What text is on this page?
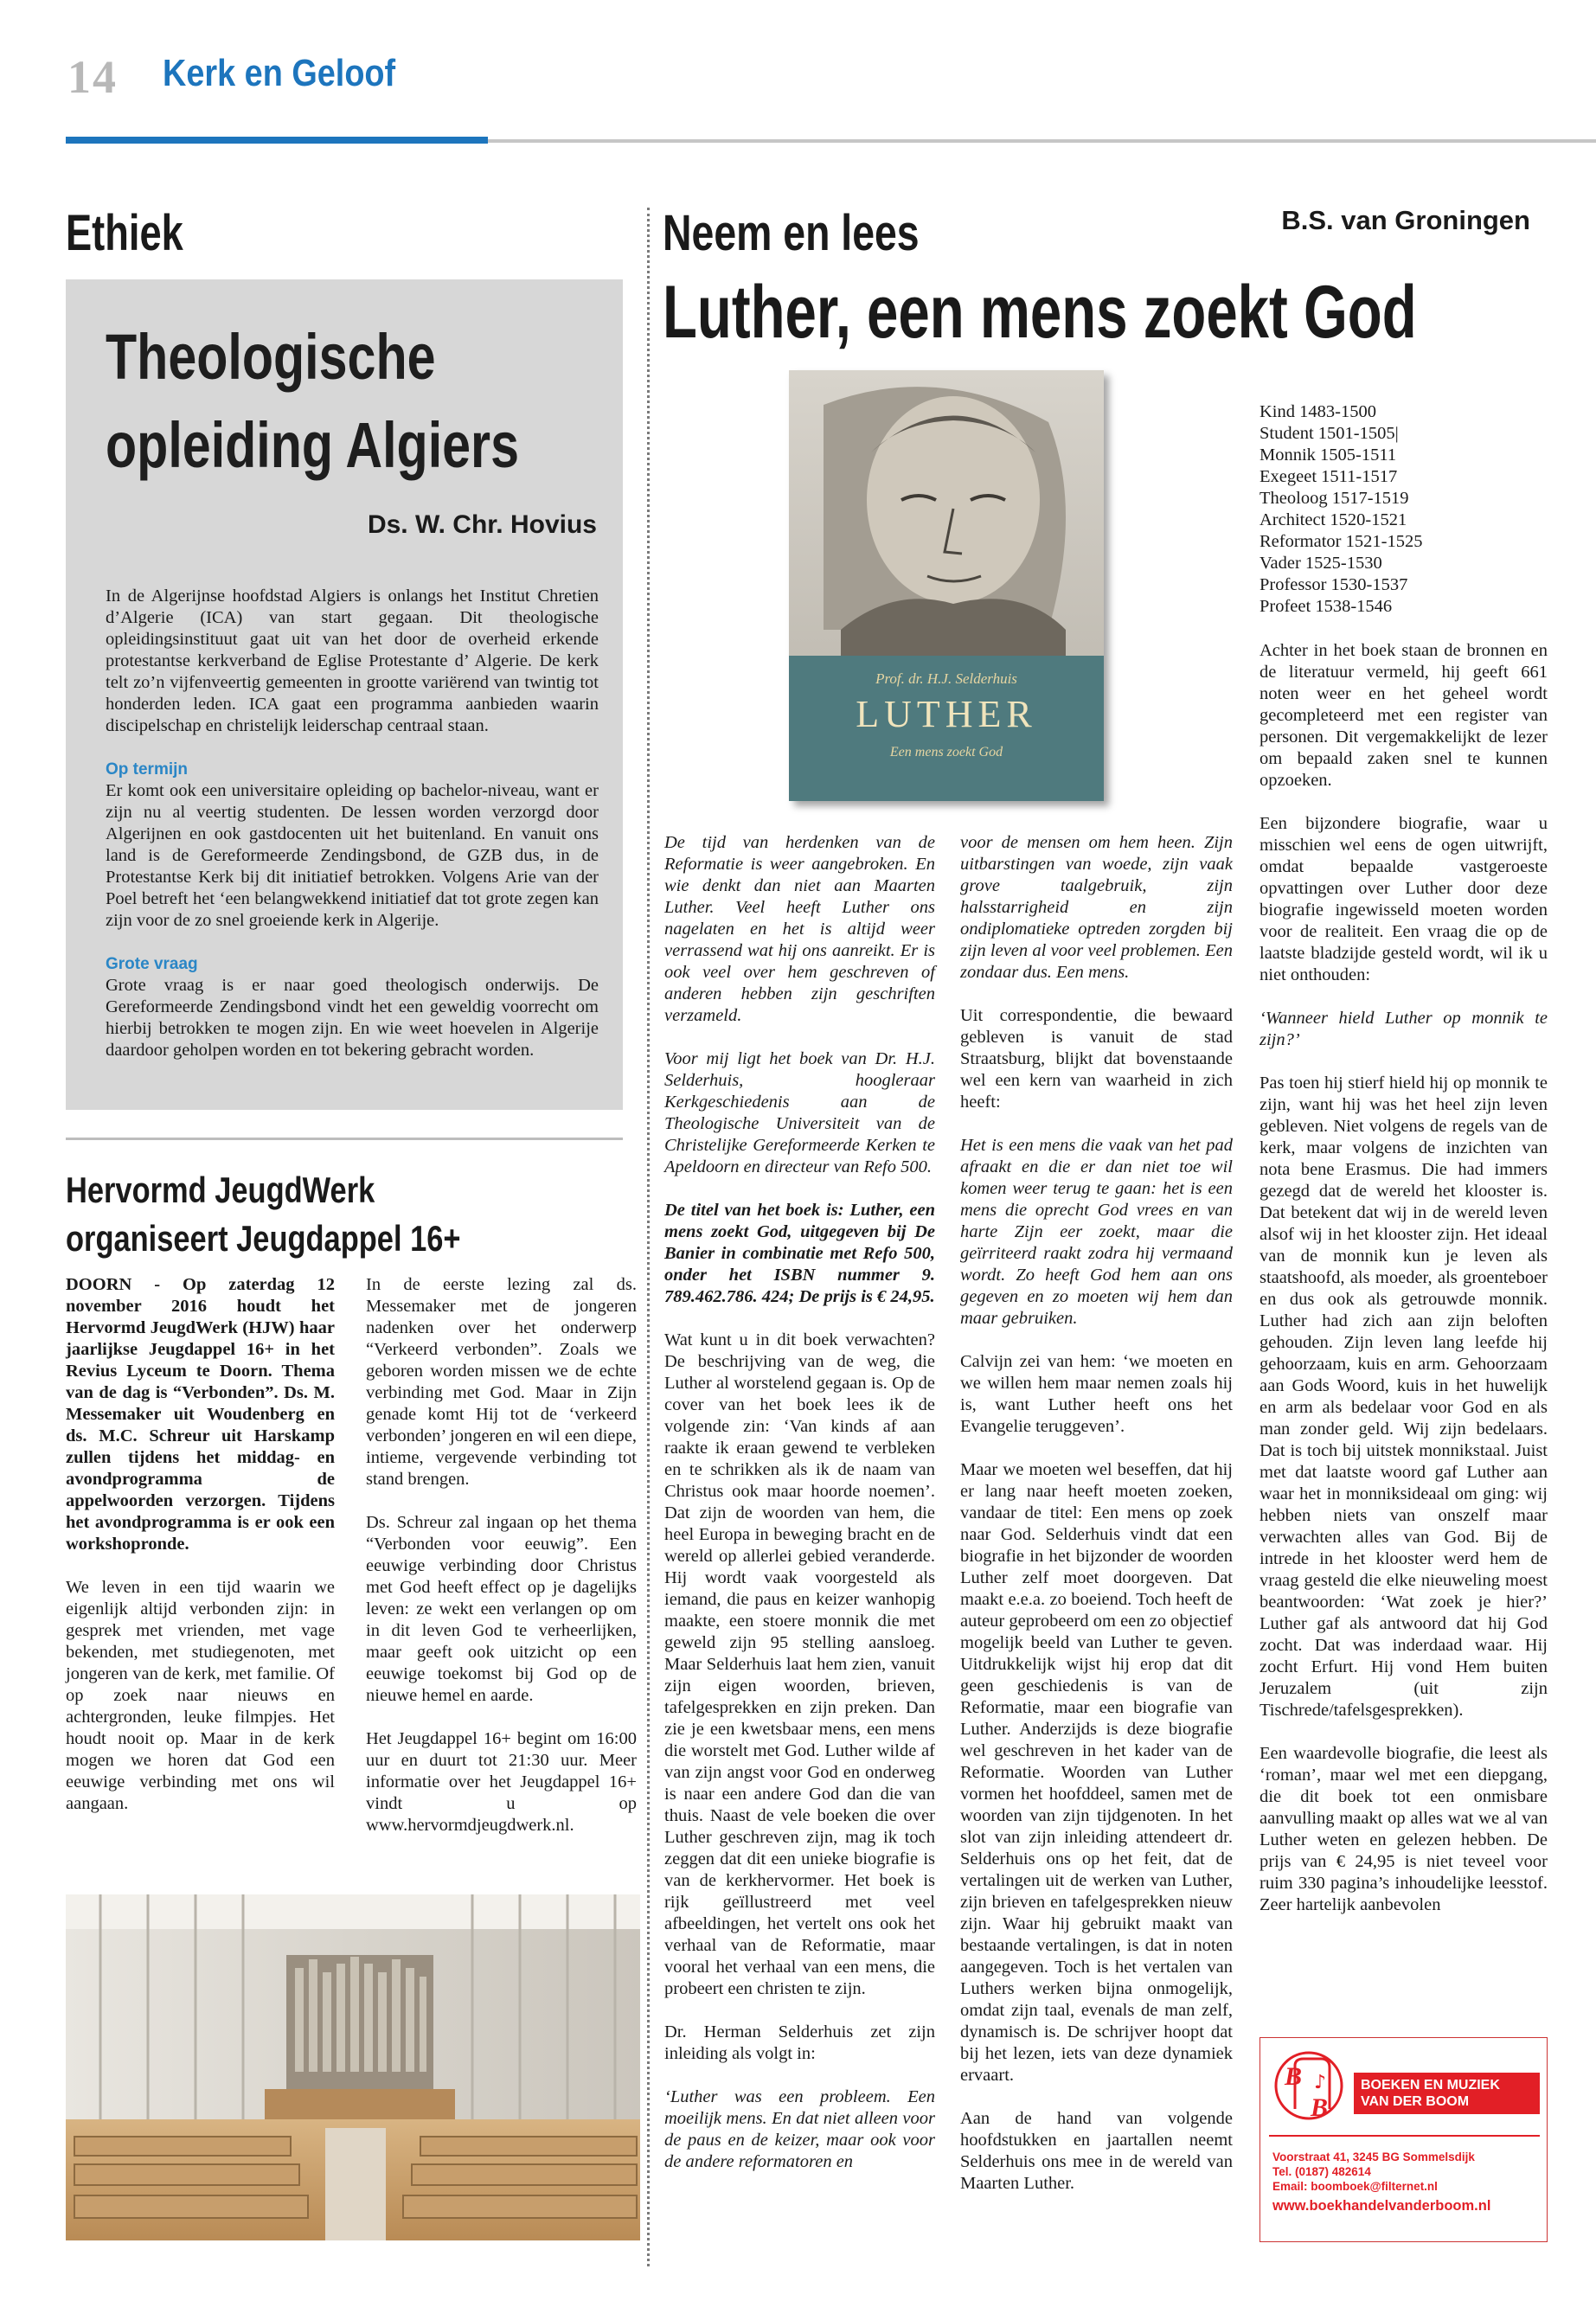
14 Kerk en Geloof
Ethiek
Theologische
opleiding Algiers
Ds. W. Chr. Hovius

In de Algerijnse hoofdstad Algiers is onlangs het Institut Chretien d’Algerie (ICA) van start gegaan. Dit theologische opleidingsinstituut gaat uit van het door de overheid erkende protestantse kerkverband de Eglise Protestante d’ Algerie. De kerk telt zo’n vijfenveertig gemeenten in grootte variërend van twintig tot honderden leden. ICA gaat een programma aanbieden waarin discipelschap en christelijk leiderschap centraal staan.

Op termijn

Er komt ook een universitaire opleiding op bachelor-niveau, want er zijn nu al veertig studenten. De lessen worden verzorgd door Algerijnen en ook gastdocenten uit het buitenland. En vanuit ons land is de Gereformeerde Zendingsbond, de GZB dus, in de Protestantse Kerk bij dit initiatief betrokken. Volgens Arie van der Poel betreft het ‘een belangwekkend initiatief dat tot grote zegen kan zijn voor de zo snel groeiende kerk in Algerije.

Grote vraag

Grote vraag is er naar goed theologisch onderwijs. De Gereformeerde Zendingsbond vindt het een geweldig voorrecht om hierbij betrokken te mogen zijn. En wie weet hoevelen in Algerije daardoor geholpen worden en tot bekering gebracht worden.

Hervormd JeugdWerk
organiseert Jeugdappel 16+

DOORN - Op zaterdag 12 november 2016 houdt het Hervormd JeugdWerk (HJW) haar jaarlijkse Jeugdappel 16+ in het Revius Lyceum te Doorn. Thema van de dag is “Verbonden”. Ds. M. Messemaker uit Woudenberg en ds. M.C. Schreur uit Harskamp zullen tijdens het middag- en avondprogramma de appelwoorden verzorgen. Tijdens het avondprogramma is er ook een workshopronde.

We leven in een tijd waarin we eigenlijk altijd verbonden zijn: in gesprek met vrienden, met vage bekenden, met studiegenoten, met jongeren van de kerk, met familie. Of op zoek naar nieuws en achtergronden, leuke filmpjes. Het houdt nooit op. Maar in de kerk mogen we horen dat God een eeuwige verbinding met ons wil aangaan.

In de eerste lezing zal ds. Messemaker met de jongeren nadenken over het onderwerp “Verkeerd verbonden”. Zoals we geboren worden missen we de echte verbinding met God. Maar in Zijn genade komt Hij tot de ‘verkeerd verbonden’ jongeren en wil een diepe, intieme, vergevende verbinding tot stand brengen.

Ds. Schreur zal ingaan op het thema “Verbonden voor eeuwig”. Een eeuwige verbinding door Christus met God heeft effect op je dagelijks leven: ze wekt een verlangen op om in dit leven God te verheerlijken, maar geeft ook uitzicht op een eeuwige toekomst bij God op de nieuwe hemel en aarde.

Het Jeugdappel 16+ begint om 16:00 uur en duurt tot 21:30 uur. Meer informatie over het Jeugdappel 16+ vindt u op www.hervormdjeugdwerk.nl.

Neem en lees	B.S. van Groningen
Luther, een mens zoekt God
Prof. dr. H.J. Selderhuis
LUTHER
Een mens zoekt God
Kind 1483-1500
Student 1501-1505|
Monnik 1505-1511
Exegeet 1511-1517
Theoloog 1517-1519
Architect 1520-1521
Reformator 1521-1525
Vader 1525-1530
Professor 1530-1537
Profeet 1538-1546

Achter in het boek staan de bronnen en de literatuur vermeld, hij geeft 661 noten weer en het geheel wordt gecompleteerd met een register van personen. Dit vergemakkelijkt de lezer om bepaald zaken snel te kunnen opzoeken.

Een bijzondere biografie, waar u misschien wel eens de ogen uitwrijft, omdat bepaalde vastgeroeste opvattingen over Luther door deze biografie ingewisseld moeten worden voor de realiteit. Een vraag die op de laatste bladzijde gesteld wordt, wil ik u niet onthouden:

‘Wanneer hield Luther op monnik te zijn?’

Pas toen hij stierf hield hij op monnik te zijn, want hij was het heel zijn leven gebleven. Niet volgens de regels van de kerk, maar volgens de inzichten van nota bene Erasmus. Die had immers gezegd dat de wereld het klooster is. Dat betekent dat wij in de wereld leven alsof wij in het klooster zijn. Het ideaal van de monnik kun je leven als staatshoofd, als moeder, als groenteboer en dus ook als getrouwde monnik. Luther had zich aan zijn beloften gehouden. Zijn leven lang leefde hij gehoorzaam, kuis en arm. Gehoorzaam aan Gods Woord, kuis in het huwelijk en arm als bedelaar voor God en als man zonder geld. Wij zijn bedelaars. Dat is toch bij uitstek monnikstaal. Juist met dat laatste woord gaf Luther aan waar het in monniksideaal om ging: wij hebben niets van onszelf maar verwachten alles van God. Bij de intrede in het klooster werd hem de vraag gesteld die elke nieuweling moest beantwoorden: ‘Wat zoek je hier?’ Luther gaf als antwoord dat hij God zocht. Dat was inderdaad waar. Hij zocht Erfurt. Hij vond Hem buiten Jeruzalem (uit zijn Tischrede/tafelsgesprekken).

Een waardevolle biografie, die leest als ‘roman’, maar wel met een diepgang, die dit boek tot een onmisbare aanvulling maakt op alles wat we al van Luther weten en gelezen hebben. De prijs van € 24,95 is niet teveel voor ruim 330 pagina’s inhoudelijke leesstof. Zeer hartelijk aanbevolen

De tijd van herdenken van de Reformatie is weer aangebroken. En wie denkt dan niet aan Maarten Luther. Veel heeft Luther ons nagelaten en het is altijd weer verrassend wat hij ons aanreikt. Er is ook veel over hem geschreven of anderen hebben zijn geschriften verzameld.

Voor mij ligt het boek van Dr. H.J. Selderhuis, hoogleraar Kerkgeschiedenis aan de Theologische Universiteit van de Christelijke Gereformeerde Kerken te Apeldoorn en directeur van Refo 500.

De titel van het boek is: Luther, een mens zoekt God, uitgegeven bij De Banier in combinatie met Refo 500, onder het ISBN nummer 9. 789.462.786. 424; De prijs is € 24,95.

Wat kunt u in dit boek verwachten? De beschrijving van de weg, die Luther al worstelend gegaan is. Op de cover van het boek lees ik de volgende zin: ‘Van kinds af aan raakte ik eraan gewend te verbleken en te schrikken als ik de naam van Christus ook maar hoorde noemen’. Dat zijn de woorden van hem, die heel Europa in beweging bracht en de wereld op allerlei gebied veranderde. Hij wordt vaak voorgesteld als iemand, die paus en keizer wanhopig maakte, een stoere monnik die met geweld zijn 95 stelling aansloeg. Maar Selderhuis laat hem zien, vanuit zijn eigen woorden, brieven, tafelgesprekken en zijn preken. Dan zie je een kwetsbaar mens, een mens die worstelt met God. Luther wilde af van zijn angst voor God en onderweg is naar een andere God dan die van thuis. Naast de vele boeken die over Luther geschreven zijn, mag ik toch zeggen dat dit een unieke biografie is van de kerkhervormer. Het boek is rijk geïllustreerd met veel afbeeldingen, het vertelt ons ook het verhaal van de Reformatie, maar vooral het verhaal van een mens, die probeert een christen te zijn.

Dr. Herman Selderhuis zet zijn inleiding als volgt in:

‘Luther was een probleem. Een moeilijk mens. En dat niet alleen voor de paus en de keizer, maar ook voor de andere reformatoren en

voor de mensen om hem heen. Zijn uitbarstingen van woede, zijn vaak grove taalgebruik, zijn halsstarrigheid en zijn ondiplomatieke optreden zorgden bij zijn leven al voor veel problemen. Een zondaar dus. Een mens.

Uit correspondentie, die bewaard gebleven is vanuit de stad Straatsburg, blijkt dat bovenstaande wel een kern van waarheid in zich heeft:

Het is een mens die vaak van het pad afraakt en die er dan niet toe wil komen weer terug te gaan: het is een mens die oprecht God vrees en van harte Zijn eer zoekt, maar die geïrriteerd raakt zodra hij vermaand wordt. Zo heeft God hem aan ons gegeven en zo moeten wij hem dan maar gebruiken.

Calvijn zei van hem: ‘we moeten en we willen hem maar nemen zoals hij is, want Luther heeft ons het Evangelie teruggeven’.

Maar we moeten wel beseffen, dat hij er lang naar heeft moeten zoeken, vandaar de titel: Een mens op zoek naar God. Selderhuis vindt dat een biografie in het bijzonder de woorden Luther zelf moet doorgeven. Dat maakt e.e.a. zo boeiend. Toch heeft de auteur geprobeerd om een zo objectief mogelijk beeld van Luther te geven. Uitdrukkelijk wijst hij erop dat dit geen geschiedenis is van de Reformatie, maar een biografie van Luther. Anderzijds is deze biografie wel geschreven in het kader van de Reformatie. Woorden van Luther vormen het hoofddeel, samen met de woorden van zijn tijdgenoten. In het slot van zijn inleiding attendeert dr. Selderhuis ons op het feit, dat de vertalingen uit de werken van Luther, zijn brieven en tafelgesprekken nieuw zijn. Waar hij gebruikt maakt van bestaande vertalingen, is dat in noten aangegeven. Toch is het vertalen van Luthers werken bijna onmogelijk, omdat zijn taal, evenals de man zelf, dynamisch is. De schrijver hoopt dat bij het lezen, iets van deze dynamiek ervaart.

Aan de hand van volgende hoofdstukken en jaartallen neemt Selderhuis ons mee in de wereld van Maarten Luther.

B
B
♪ BOEKEN EN MUZIEK
VAN DER BOOM
Voorstraat 41, 3245 BG Sommelsdijk
Tel. (0187) 482614
Email: boomboek@filternet.nl
www.boekhandelvanderboom.nl
